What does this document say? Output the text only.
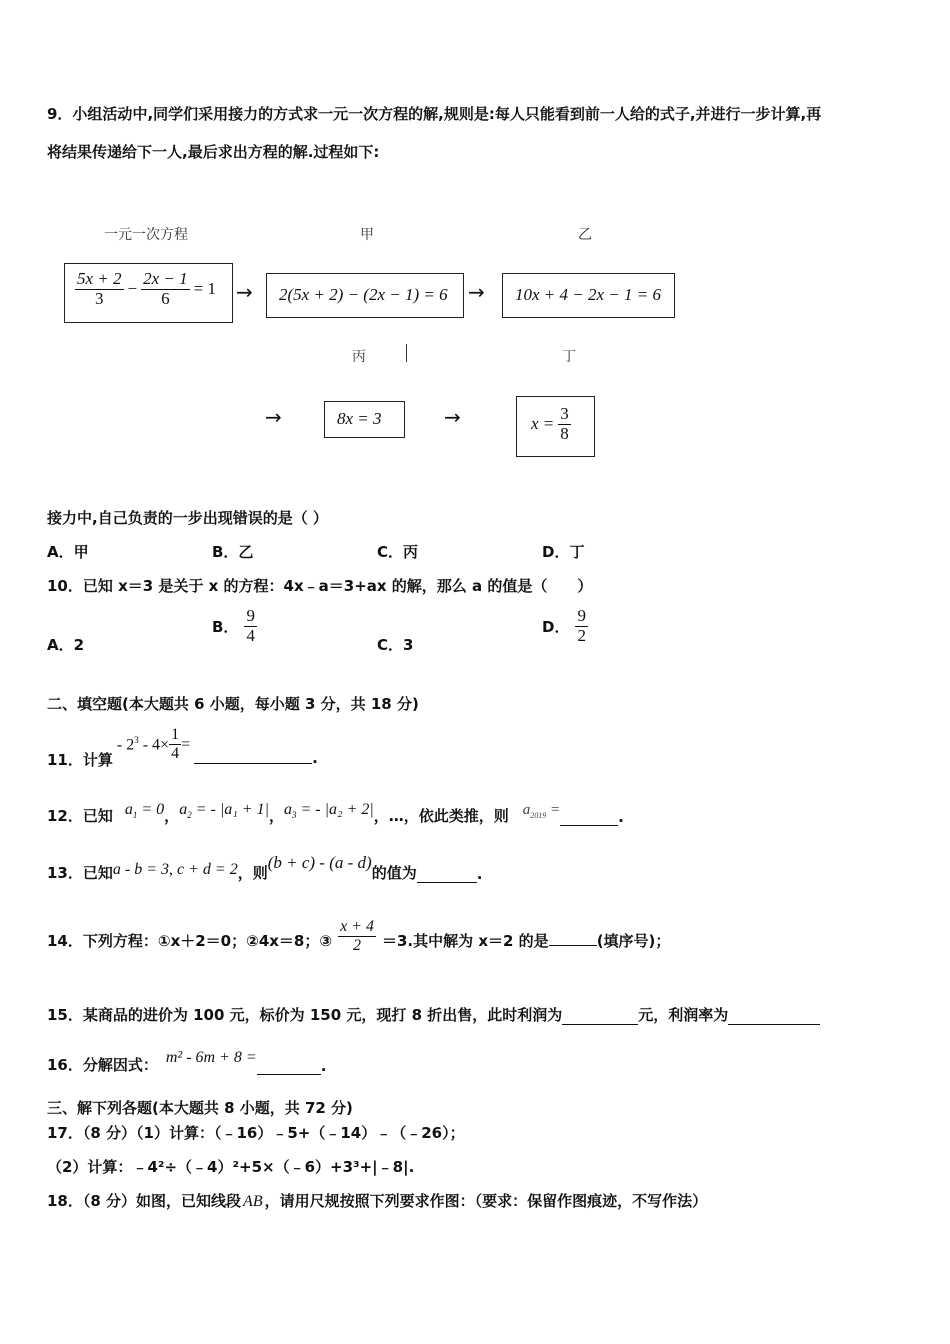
9．小组活动中,同学们采用接力的方式求一元一次方程的解,规则是:每人只能看到前一人给的式子,并进行一步计算,再
将结果传递给下一人,最后求出方程的解.过程如下:
一元一次方程	甲	乙
$\frac{5x + 2}{3} - \frac{2x - 1}{6} = 1 \to 2(5x + 2) - (2x - 1) = 6 \to 10x + 4 - 2x - 1 = 6$
丙	丁
→	8x = 3	→	$x = \frac{3}{8}$
接力中,自己负责的一步出现错误的是（ ）
A．甲	B．乙	C．丙	D．丁
10．已知 x＝3 是关于 x 的方程：4x﹣a＝3+ax 的解，那么 a 的值是（　　）
A．2
B． $\frac{9}{4}$	C．3
D． $\frac{9}{2}$
二、填空题(本大题共 6 小题，每小题 3 分，共 18 分)
11．计算
- $2^3 - 4\times \frac{1}{4}$ =
.
12．已知 $a_1 = 0$ ， $a_2$ = - |a₁ + 1| ， $a_3$ = - |a₂ + 2| ，…，依此类推，则 $a_{2019}$ =	.
13．已知 a - b = 3 , c + d = 2 ，则
(b + c) - (a - d)
的值为	.
14．下列方程：①x＋2＝0；②4x＝8；③ $\frac{x + 4}{2} =3$.其中解为 x＝2 的是	(填序号)；
15．某商品的进价为 100 元，标价为 150 元，现打 8 折出售，此时利润为	元，利润率为
16．分解因式： m² - 6m + 8 =	.
三、解下列各题(本大题共 8 小题，共 72 分)
17．（8 分）（1）计算：（﹣16）﹣5+（﹣14）﹣（﹣26）；
（2）计算：﹣4²÷（﹣4）²+5×（﹣6）+3³+|﹣8|.
18．（8 分）如图，已知线段 AB ，请用尺规按照下列要求作图：（要求：保留作图痕迹，不写作法）
